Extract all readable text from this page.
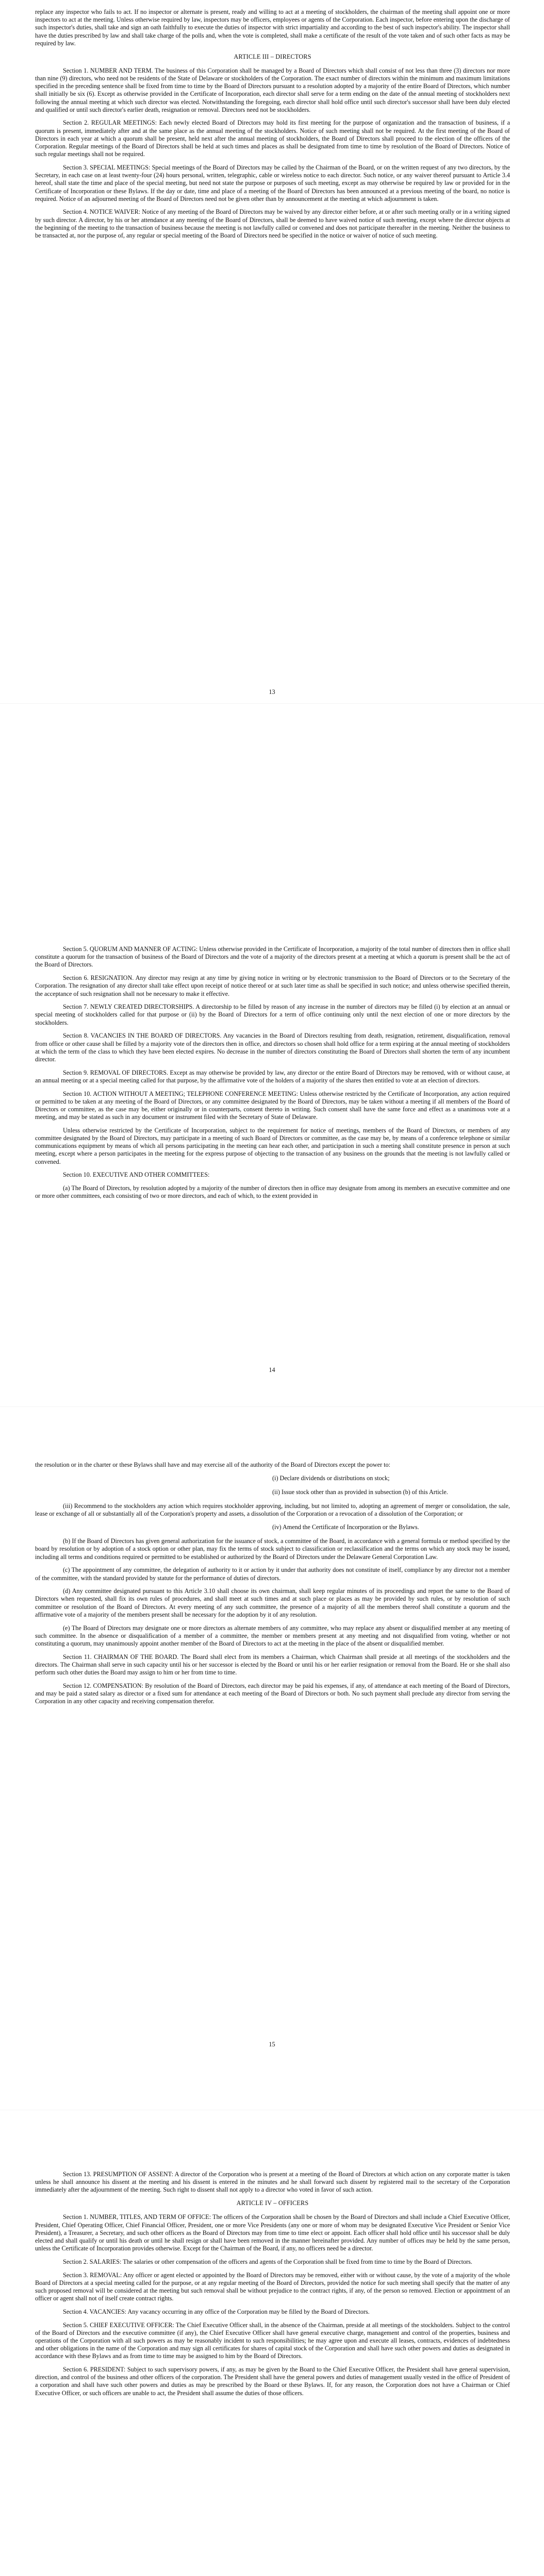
replace any inspector who fails to act. If no inspector or alternate is present, ready and willing to act at a meeting of stockholders, the chairman of the meeting shall appoint one or more inspectors to act at the meeting. Unless otherwise required by law, inspectors may be officers, employees or agents of the Corporation. Each inspector, before entering upon the discharge of such inspector's duties, shall take and sign an oath faithfully to execute the duties of inspector with strict impartiality and according to the best of such inspector's ability. The inspector shall have the duties prescribed by law and shall take charge of the polls and, when the vote is completed, shall make a certificate of the result of the vote taken and of such other facts as may be required by law.

ARTICLE III – DIRECTORS

Section 1. NUMBER AND TERM. The business of this Corporation shall be managed by a Board of Directors which shall consist of not less than three (3) directors nor more than nine (9) directors, who need not be residents of the State of Delaware or stockholders of the Corporation. The exact number of directors within the minimum and maximum limitations specified in the preceding sentence shall be fixed from time to time by the Board of Directors pursuant to a resolution adopted by a majority of the entire Board of Directors, which number shall initially be six (6). Except as otherwise provided in the Certificate of Incorporation, each director shall serve for a term ending on the date of the annual meeting of stockholders next following the annual meeting at which such director was elected. Notwithstanding the foregoing, each director shall hold office until such director's successor shall have been duly elected and qualified or until such director's earlier death, resignation or removal. Directors need not be stockholders.

Section 2. REGULAR MEETINGS: Each newly elected Board of Directors may hold its first meeting for the purpose of organization and the transaction of business, if a quorum is present, immediately after and at the same place as the annual meeting of the stockholders. Notice of such meeting shall not be required. At the first meeting of the Board of Directors in each year at which a quorum shall be present, held next after the annual meeting of stockholders, the Board of Directors shall proceed to the election of the officers of the Corporation. Regular meetings of the Board of Directors shall be held at such times and places as shall be designated from time to time by resolution of the Board of Directors. Notice of such regular meetings shall not be required.

Section 3. SPECIAL MEETINGS: Special meetings of the Board of Directors may be called by the Chairman of the Board, or on the written request of any two directors, by the Secretary, in each case on at least twenty-four (24) hours personal, written, telegraphic, cable or wireless notice to each director. Such notice, or any waiver thereof pursuant to Article 3.4 hereof, shall state the time and place of the special meeting, but need not state the purpose or purposes of such meeting, except as may otherwise be required by law or provided for in the Certificate of Incorporation or these Bylaws. If the day or date, time and place of a meeting of the Board of Directors has been announced at a previous meeting of the board, no notice is required. Notice of an adjourned meeting of the Board of Directors need not be given other than by announcement at the meeting at which adjournment is taken.

Section 4. NOTICE WAIVER: Notice of any meeting of the Board of Directors may be waived by any director either before, at or after such meeting orally or in a writing signed by such director. A director, by his or her attendance at any meeting of the Board of Directors, shall be deemed to have waived notice of such meeting, except where the director objects at the beginning of the meeting to the transaction of business because the meeting is not lawfully called or convened and does not participate thereafter in the meeting. Neither the business to be transacted at, nor the purpose of, any regular or special meeting of the Board of Directors need be specified in the notice or waiver of notice of such meeting.

13

Section 5. QUORUM AND MANNER OF ACTING: Unless otherwise provided in the Certificate of Incorporation, a majority of the total number of directors then in office shall constitute a quorum for the transaction of business of the Board of Directors and the vote of a majority of the directors present at a meeting at which a quorum is present shall be the act of the Board of Directors.

Section 6. RESIGNATION. Any director may resign at any time by giving notice in writing or by electronic transmission to the Board of Directors or to the Secretary of the Corporation. The resignation of any director shall take effect upon receipt of notice thereof or at such later time as shall be specified in such notice; and unless otherwise specified therein, the acceptance of such resignation shall not be necessary to make it effective.

Section 7. NEWLY CREATED DIRECTORSHIPS. A directorship to be filled by reason of any increase in the number of directors may be filled (i) by election at an annual or special meeting of stockholders called for that purpose or (ii) by the Board of Directors for a term of office continuing only until the next election of one or more directors by the stockholders.

Section 8. VACANCIES IN THE BOARD OF DIRECTORS. Any vacancies in the Board of Directors resulting from death, resignation, retirement, disqualification, removal from office or other cause shall be filled by a majority vote of the directors then in office, and directors so chosen shall hold office for a term expiring at the annual meeting of stockholders at which the term of the class to which they have been elected expires. No decrease in the number of directors constituting the Board of Directors shall shorten the term of any incumbent director.

Section 9. REMOVAL OF DIRECTORS. Except as may otherwise be provided by law, any director or the entire Board of Directors may be removed, with or without cause, at an annual meeting or at a special meeting called for that purpose, by the affirmative vote of the holders of a majority of the shares then entitled to vote at an election of directors.

Section 10. ACTION WITHOUT A MEETING; TELEPHONE CONFERENCE MEETING: Unless otherwise restricted by the Certificate of Incorporation, any action required or permitted to be taken at any meeting of the Board of Directors, or any committee designated by the Board of Directors, may be taken without a meeting if all members of the Board of Directors or committee, as the case may be, either originally or in counterparts, consent thereto in writing. Such consent shall have the same force and effect as a unanimous vote at a meeting, and may be stated as such in any document or instrument filed with the Secretary of State of Delaware.

Unless otherwise restricted by the Certificate of Incorporation, subject to the requirement for notice of meetings, members of the Board of Directors, or members of any committee designated by the Board of Directors, may participate in a meeting of such Board of Directors or committee, as the case may be, by means of a conference telephone or similar communications equipment by means of which all persons participating in the meeting can hear each other, and participation in such a meeting shall constitute presence in person at such meeting, except where a person participates in the meeting for the express purpose of objecting to the transaction of any business on the grounds that the meeting is not lawfully called or convened.

Section 10. EXECUTIVE AND OTHER COMMITTEES:

(a) The Board of Directors, by resolution adopted by a majority of the number of directors then in office may designate from among its members an executive committee and one or more other committees, each consisting of two or more directors, and each of which, to the extent provided in

14

the resolution or in the charter or these Bylaws shall have and may exercise all of the authority of the Board of Directors except the power to:

(i) Declare dividends or distributions on stock;

(ii) Issue stock other than as provided in subsection (b) of this Article.

(iii) Recommend to the stockholders any action which requires stockholder approving, including, but not limited to, adopting an agreement of merger or consolidation, the sale, lease or exchange of all or substantially all of the Corporation's property and assets, a dissolution of the Corporation or a revocation of a dissolution of the Corporation; or

(iv) Amend the Certificate of Incorporation or the Bylaws.

(b) If the Board of Directors has given general authorization for the issuance of stock, a committee of the Board, in accordance with a general formula or method specified by the board by resolution or by adoption of a stock option or other plan, may fix the terms of stock subject to classification or reclassification and the terms on which any stock may be issued, including all terms and conditions required or permitted to be established or authorized by the Board of Directors under the Delaware General Corporation Law.

(c) The appointment of any committee, the delegation of authority to it or action by it under that authority does not constitute of itself, compliance by any director not a member of the committee, with the standard provided by statute for the performance of duties of directors.

(d) Any committee designated pursuant to this Article 3.10 shall choose its own chairman, shall keep regular minutes of its proceedings and report the same to the Board of Directors when requested, shall fix its own rules of procedures, and shall meet at such times and at such place or places as may be provided by such rules, or by resolution of such committee or resolution of the Board of Directors. At every meeting of any such committee, the presence of a majority of all the members thereof shall constitute a quorum and the affirmative vote of a majority of the members present shall be necessary for the adoption by it of any resolution.

(e) The Board of Directors may designate one or more directors as alternate members of any committee, who may replace any absent or disqualified member at any meeting of such committee. In the absence or disqualification of a member of a committee, the member or members present at any meeting and not disqualified from voting, whether or not constituting a quorum, may unanimously appoint another member of the Board of Directors to act at the meeting in the place of the absent or disqualified member.

Section 11. CHAIRMAN OF THE BOARD. The Board shall elect from its members a Chairman, which Chairman shall preside at all meetings of the stockholders and the directors. The Chairman shall serve in such capacity until his or her successor is elected by the Board or until his or her earlier resignation or removal from the Board. He or she shall also perform such other duties the Board may assign to him or her from time to time.

Section 12. COMPENSATION: By resolution of the Board of Directors, each director may be paid his expenses, if any, of attendance at each meeting of the Board of Directors, and may be paid a stated salary as director or a fixed sum for attendance at each meeting of the Board of Directors or both. No such payment shall preclude any director from serving the Corporation in any other capacity and receiving compensation therefor.

15

Section 13. PRESUMPTION OF ASSENT: A director of the Corporation who is present at a meeting of the Board of Directors at which action on any corporate matter is taken unless he shall announce his dissent at the meeting and his dissent is entered in the minutes and he shall forward such dissent by registered mail to the secretary of the Corporation immediately after the adjournment of the meeting. Such right to dissent shall not apply to a director who voted in favor of such action.

ARTICLE IV – OFFICERS

Section 1. NUMBER, TITLES, AND TERM OF OFFICE: The officers of the Corporation shall be chosen by the Board of Directors and shall include a Chief Executive Officer, President, Chief Operating Officer, Chief Financial Officer, President, one or more Vice Presidents (any one or more of whom may be designated Executive Vice President or Senior Vice President), a Treasurer, a Secretary, and such other officers as the Board of Directors may from time to time elect or appoint. Each officer shall hold office until his successor shall be duly elected and shall qualify or until his death or until he shall resign or shall have been removed in the manner hereinafter provided. Any number of offices may be held by the same person, unless the Certificate of Incorporation provides otherwise. Except for the Chairman of the Board, if any, no officers need be a director.

Section 2. SALARIES: The salaries or other compensation of the officers and agents of the Corporation shall be fixed from time to time by the Board of Directors.

Section 3. REMOVAL: Any officer or agent elected or appointed by the Board of Directors may be removed, either with or without cause, by the vote of a majority of the whole Board of Directors at a special meeting called for the purpose, or at any regular meeting of the Board of Directors, provided the notice for such meeting shall specify that the matter of any such proposed removal will be considered at the meeting but such removal shall be without prejudice to the contract rights, if any, of the person so removed. Election or appointment of an officer or agent shall not of itself create contract rights.

Section 4. VACANCIES: Any vacancy occurring in any office of the Corporation may be filled by the Board of Directors.

Section 5. CHIEF EXECUTIVE OFFICER: The Chief Executive Officer shall, in the absence of the Chairman, preside at all meetings of the stockholders. Subject to the control of the Board of Directors and the executive committee (if any), the Chief Executive Officer shall have general executive charge, management and control of the properties, business and operations of the Corporation with all such powers as may be reasonably incident to such responsibilities; he may agree upon and execute all leases, contracts, evidences of indebtedness and other obligations in the name of the Corporation and may sign all certificates for shares of capital stock of the Corporation and shall have such other powers and duties as designated in accordance with these Bylaws and as from time to time may be assigned to him by the Board of Directors.

Section 6. PRESIDENT: Subject to such supervisory powers, if any, as may be given by the Board to the Chief Executive Officer, the President shall have general supervision, direction, and control of the business and other officers of the corporation. The President shall have the general powers and duties of management usually vested in the office of President of a corporation and shall have such other powers and duties as may be prescribed by the Board or these Bylaws. If, for any reason, the Corporation does not have a Chairman or Chief Executive Officer, or such officers are unable to act, the President shall assume the duties of those officers.
